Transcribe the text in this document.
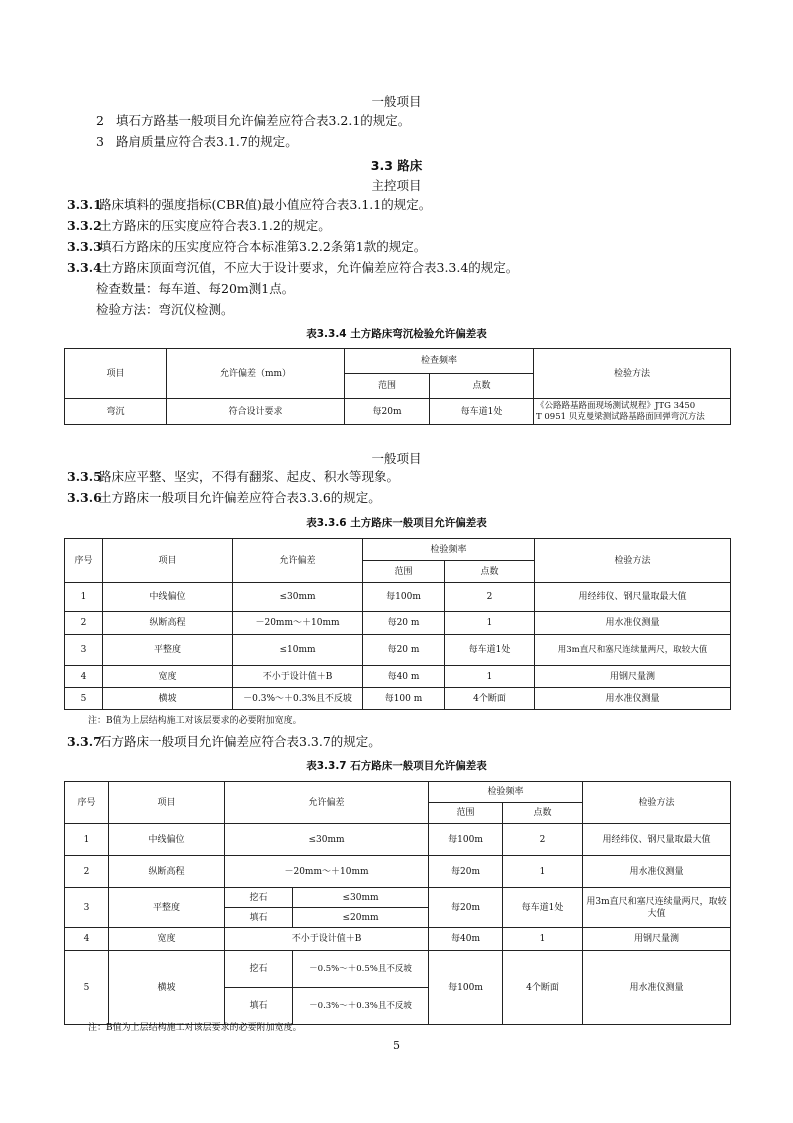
一般项目
2 填石方路基一般项目允许偏差应符合表3.2.1的规定。
3 路肩质量应符合表3.1.7的规定。
3.3 路床
主控项目
3.3.1路床填料的强度指标(CBR值)最小值应符合表3.1.1的规定。
3.3.2土方路床的压实度应符合表3.1.2的规定。
3.3.3填石方路床的压实度应符合本标准第3.2.2条第1款的规定。
3.3.4土方路床顶面弯沉值，不应大于设计要求，允许偏差应符合表3.3.4的规定。
检查数量：每车道、每20m测1点。
检验方法：弯沉仪检测。
表3.3.4 土方路床弯沉检验允许偏差表
项目	允许偏差（mm）	检查频率		检验方法
		范围	点数	
弯沉	符合设计要求	每20m	每车道1处	《公路路基路面现场测试规程》JTG 3450
T 0951 贝克曼梁测试路基路面回弹弯沉方法
一般项目
3.3.5路床应平整、坚实，不得有翻浆、起皮、积水等现象。
3.3.6土方路床一般项目允许偏差应符合表3.3.6的规定。
表3.3.6 土方路床一般项目允许偏差表
序号	项目	允许偏差	检验频率		检验方法
			范围	点数	
1	中线偏位	≤30mm	每100m	2	用经纬仪、钢尺量取最大值
2	纵断高程	－20mm～＋10mm	每20 m	1	用水准仪测量
3	平整度	≤10mm	每20 m	每车道1处	用3m直尺和塞尺连续量两尺，取较大值
4	宽度	不小于设计值＋B	每40 m	1	用钢尺量测
5	横坡	－0.3%～＋0.3%且不反坡	每100 m	4个断面	用水准仪测量
注：B值为上层结构施工对该层要求的必要附加宽度。
3.3.7石方路床一般项目允许偏差应符合表3.3.7的规定。
表3.3.7 石方路床一般项目允许偏差表
序号	项目	允许偏差		检验频率		检验方法
				范围	点数	
1	中线偏位	≤30mm		每100m	2	用经纬仪、钢尺量取最大值
2	纵断高程	－20mm～＋10mm		每20m	1	用水准仪测量
3	平整度	挖石	≤30mm	每20m	每车道1处	用3m直尺和塞尺连续量两尺，取较大值
		填石	≤20mm			
4	宽度	不小于设计值＋B		每40m	1	用钢尺量测
5	横坡	挖石	－0.5%～＋0.5%且不反坡	每100m	4个断面	用水准仪测量
		填石	－0.3%～＋0.3%且不反坡			
注：B值为上层结构施工对该层要求的必要附加宽度。
5
